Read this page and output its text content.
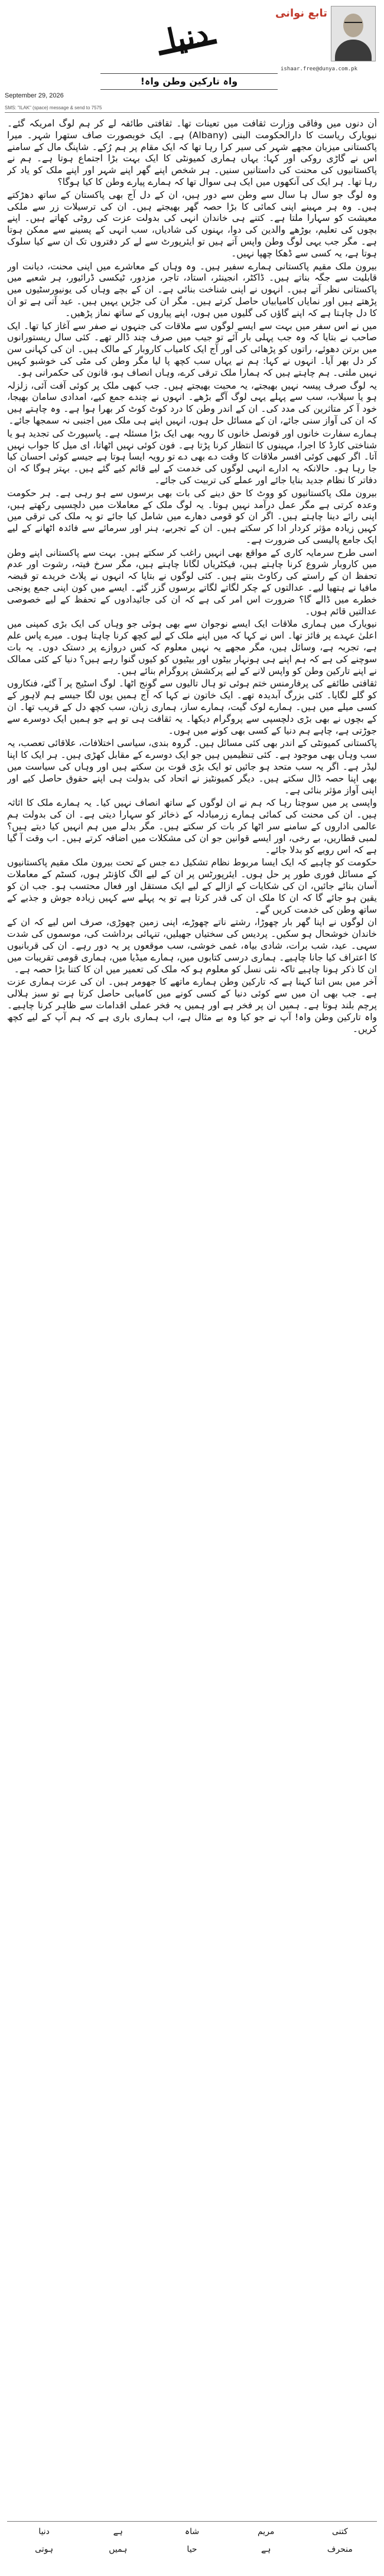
دنیا
تابع نوانی
ishaar.free@dunya.com.pk
واہ تارکین وطن واہ!
September 29, 2026
SMS: "ILAK" (space) message & send to 7575

اُن دنوں میں وفاقی وزارت ثقافت میں تعینات تھا۔ ثقافتی طائفہ لے کر ہم لوگ امریکہ گئے۔ نیویارک ریاست کا دارالحکومت البنی (Albany) ہے۔ ایک خوبصورت صاف ستھرا شہر۔ میرا پاکستانی میزبان مجھے شہر کی سیر کرا رہا تھا کہ ایک مقام پر ہم رُکے۔ شاپنگ مال کے سامنے اس نے گاڑی روکی اور کہا: یہاں ہماری کمیونٹی کا ایک بہت بڑا اجتماع ہوتا ہے۔ ہم نے پاکستانیوں کی محنت کی داستانیں سنیں۔ ہر شخص اپنے گھر اپنے شہر اور اپنے ملک کو یاد کر رہا تھا۔ ہر ایک کی آنکھوں میں ایک ہی سوال تھا کہ ہمارے پیارے وطن کا کیا ہوگا؟

وہ لوگ جو سال ہا سال سے وطن سے دور ہیں، ان کے دل آج بھی پاکستان کے ساتھ دھڑکتے ہیں۔ وہ ہر مہینے اپنی کمائی کا بڑا حصہ گھر بھیجتے ہیں۔ ان کی ترسیلات زر سے ملکی معیشت کو سہارا ملتا ہے۔ کتنے ہی خاندان انہی کی بدولت عزت کی روٹی کھاتے ہیں۔ اپنے بچوں کی تعلیم، بوڑھے والدین کی دوا، بہنوں کی شادیاں، سب انہی کے پسینے سے ممکن ہوتا ہے۔ مگر جب یہی لوگ وطن واپس آتے ہیں تو ایئرپورٹ سے لے کر دفتروں تک ان سے کیا سلوک ہوتا ہے، یہ کسی سے ڈھکا چھپا نہیں۔

بیرون ملک مقیم پاکستانی ہمارے سفیر ہیں۔ وہ وہاں کے معاشرے میں اپنی محنت، دیانت اور قابلیت سے جگہ بناتے ہیں۔ ڈاکٹر، انجینئر، استاد، تاجر، مزدور، ٹیکسی ڈرائیور، ہر شعبے میں پاکستانی نظر آتے ہیں۔ انہوں نے اپنی شناخت بنائی ہے۔ ان کے بچے وہاں کی یونیورسٹیوں میں پڑھتے ہیں اور نمایاں کامیابیاں حاصل کرتے ہیں۔ مگر ان کی جڑیں یہیں ہیں۔ عید آتی ہے تو ان کا دل چاہتا ہے کہ اپنے گاؤں کی گلیوں میں ہوں، اپنے پیاروں کے ساتھ نماز پڑھیں۔

میں نے اس سفر میں بہت سے ایسے لوگوں سے ملاقات کی جنہوں نے صفر سے آغاز کیا تھا۔ ایک صاحب نے بتایا کہ وہ جب پہلی بار آئے تو جیب میں صرف چند ڈالر تھے۔ کئی سال ریستورانوں میں برتن دھوئے، راتوں کو پڑھائی کی اور آج ایک کامیاب کاروبار کے مالک ہیں۔ ان کی کہانی سن کر دل بھر آیا۔ انہوں نے کہا: ہم نے یہاں سب کچھ پا لیا مگر وطن کی مٹی کی خوشبو کہیں نہیں ملتی۔ ہم چاہتے ہیں کہ ہمارا ملک ترقی کرے، وہاں انصاف ہو، قانون کی حکمرانی ہو۔

یہ لوگ صرف پیسہ نہیں بھیجتے، یہ محبت بھیجتے ہیں۔ جب کبھی ملک پر کوئی آفت آئی، زلزلہ ہو یا سیلاب، سب سے پہلے یہی لوگ آگے بڑھے۔ انہوں نے چندے جمع کیے، امدادی سامان بھیجا، خود آ کر متاثرین کی مدد کی۔ ان کے اندر وطن کا درد کوٹ کوٹ کر بھرا ہوا ہے۔ وہ چاہتے ہیں کہ ان کی آواز سنی جائے، ان کے مسائل حل ہوں، انہیں اپنے ہی ملک میں اجنبی نہ سمجھا جائے۔

ہمارے سفارت خانوں اور قونصل خانوں کا رویہ بھی ایک بڑا مسئلہ ہے۔ پاسپورٹ کی تجدید ہو یا شناختی کارڈ کا اجرا، مہینوں کا انتظار کرنا پڑتا ہے۔ فون کوئی نہیں اٹھاتا، ای میل کا جواب نہیں آتا۔ اگر کبھی کوئی افسر ملاقات کا وقت دے بھی دے تو رویہ ایسا ہوتا ہے جیسے کوئی احسان کیا جا رہا ہو۔ حالانکہ یہ ادارے انہی لوگوں کی خدمت کے لیے قائم کیے گئے ہیں۔ بہتر ہوگا کہ ان دفاتر کا نظام جدید بنایا جائے اور عملے کی تربیت کی جائے۔

بیرون ملک پاکستانیوں کو ووٹ کا حق دینے کی بات بھی برسوں سے ہو رہی ہے۔ ہر حکومت وعدہ کرتی ہے مگر عمل درآمد نہیں ہوتا۔ یہ لوگ ملک کے معاملات میں دلچسپی رکھتے ہیں، اپنی رائے دینا چاہتے ہیں۔ اگر ان کو قومی دھارے میں شامل کیا جائے تو یہ ملک کی ترقی میں کہیں زیادہ مؤثر کردار ادا کر سکتے ہیں۔ ان کے تجربے، ہنر اور سرمائے سے فائدہ اٹھانے کے لیے ایک جامع پالیسی کی ضرورت ہے۔

اسی طرح سرمایہ کاری کے مواقع بھی انہیں راغب کر سکتے ہیں۔ بہت سے پاکستانی اپنے وطن میں کاروبار شروع کرنا چاہتے ہیں، فیکٹریاں لگانا چاہتے ہیں، مگر سرخ فیتہ، رشوت اور عدم تحفظ ان کے راستے کی رکاوٹ بنتے ہیں۔ کئی لوگوں نے بتایا کہ انہوں نے پلاٹ خریدے تو قبضہ مافیا نے ہتھیا لیے۔ عدالتوں کے چکر لگاتے لگاتے برسوں گزر گئے۔ ایسے میں کون اپنی جمع پونجی خطرے میں ڈالے گا؟ ضرورت اس امر کی ہے کہ ان کی جائیدادوں کے تحفظ کے لیے خصوصی عدالتیں قائم ہوں۔

نیویارک میں ہماری ملاقات ایک ایسے نوجوان سے بھی ہوئی جو وہاں کی ایک بڑی کمپنی میں اعلیٰ عہدے پر فائز تھا۔ اس نے کہا کہ میں اپنے ملک کے لیے کچھ کرنا چاہتا ہوں۔ میرے پاس علم ہے، تجربہ ہے، وسائل ہیں، مگر مجھے یہ نہیں معلوم کہ کس دروازے پر دستک دوں۔ یہ بات سوچنے کی ہے کہ ہم اپنے ہی ہونہار بیٹوں اور بیٹیوں کو کیوں گنوا رہے ہیں؟ دنیا کے کئی ممالک نے اپنے تارکین وطن کو واپس لانے کے لیے پرکشش پروگرام بنائے ہیں۔

ثقافتی طائفے کی پرفارمنس ختم ہوئی تو ہال تالیوں سے گونج اٹھا۔ لوگ اسٹیج پر آ گئے، فنکاروں کو گلے لگایا۔ کئی بزرگ آبدیدہ تھے۔ ایک خاتون نے کہا کہ آج ہمیں یوں لگا جیسے ہم لاہور کے کسی میلے میں ہیں۔ ہمارے لوک گیت، ہمارے ساز، ہماری زبان، سب کچھ دل کے قریب تھا۔ ان کے بچوں نے بھی بڑی دلچسپی سے پروگرام دیکھا۔ یہ ثقافت ہی تو ہے جو ہمیں ایک دوسرے سے جوڑتی ہے، چاہے ہم دنیا کے کسی بھی کونے میں ہوں۔

پاکستانی کمیونٹی کے اندر بھی کئی مسائل ہیں۔ گروہ بندی، سیاسی اختلافات، علاقائی تعصب، یہ سب وہاں بھی موجود ہے۔ کئی تنظیمیں ہیں جو ایک دوسرے کے مقابل کھڑی ہیں۔ ہر ایک کا اپنا لیڈر ہے۔ اگر یہ سب متحد ہو جائیں تو ایک بڑی قوت بن سکتے ہیں اور وہاں کی سیاست میں بھی اپنا حصہ ڈال سکتے ہیں۔ دیگر کمیونٹیز نے اتحاد کی بدولت ہی اپنے حقوق حاصل کیے اور اپنی آواز مؤثر بنائی ہے۔

واپسی پر میں سوچتا رہا کہ ہم نے ان لوگوں کے ساتھ انصاف نہیں کیا۔ یہ ہمارے ملک کا اثاثہ ہیں۔ ان کی محنت کی کمائی ہمارے زرمبادلہ کے ذخائر کو سہارا دیتی ہے۔ ان کی بدولت ہم عالمی اداروں کے سامنے سر اٹھا کر بات کر سکتے ہیں۔ مگر بدلے میں ہم انہیں کیا دیتے ہیں؟ لمبی قطاریں، بے رخی، اور ایسے قوانین جو ان کی مشکلات میں اضافہ کرتے ہیں۔ اب وقت آ گیا ہے کہ اس رویے کو بدلا جائے۔

حکومت کو چاہیے کہ ایک ایسا مربوط نظام تشکیل دے جس کے تحت بیرون ملک مقیم پاکستانیوں کے مسائل فوری طور پر حل ہوں۔ ایئرپورٹس پر ان کے لیے الگ کاؤنٹر ہوں، کسٹم کے معاملات آسان بنائے جائیں، ان کی شکایات کے ازالے کے لیے ایک مستقل اور فعال محتسب ہو۔ جب ان کو یقین ہو جائے گا کہ ان کا ملک ان کی قدر کرتا ہے تو یہ پہلے سے کہیں زیادہ جوش و جذبے کے ساتھ وطن کی خدمت کریں گے۔

ان لوگوں نے اپنا گھر بار چھوڑا، رشتے ناتے چھوڑے، اپنی زمین چھوڑی، صرف اس لیے کہ ان کے خاندان خوشحال ہو سکیں۔ پردیس کی سختیاں جھیلیں، تنہائی برداشت کی، موسموں کی شدت سہی۔ عید، شب برات، شادی بیاہ، غمی خوشی، سب موقعوں پر یہ دور رہے۔ ان کی قربانیوں کا اعتراف کیا جانا چاہیے۔ ہماری درسی کتابوں میں، ہمارے میڈیا میں، ہماری قومی تقریبات میں ان کا ذکر ہونا چاہیے تاکہ نئی نسل کو معلوم ہو کہ ملک کی تعمیر میں ان کا کتنا بڑا حصہ ہے۔

آخر میں بس اتنا کہنا ہے کہ تارکین وطن ہمارے ماتھے کا جھومر ہیں۔ ان کی عزت ہماری عزت ہے۔ جب بھی ان میں سے کوئی دنیا کے کسی کونے میں کامیابی حاصل کرتا ہے تو سبز ہلالی پرچم بلند ہوتا ہے۔ ہمیں ان پر فخر ہے اور ہمیں یہ فخر عملی اقدامات سے ظاہر کرنا چاہیے۔ واہ تارکین وطن واہ! آپ نے جو کیا وہ بے مثال ہے، اب ہماری باری ہے کہ ہم آپ کے لیے کچھ کریں۔

کتنی
مریم
شاہ
ہے
دنیا
منحرف
ہے
حیا
ہمیں
ہوتی
